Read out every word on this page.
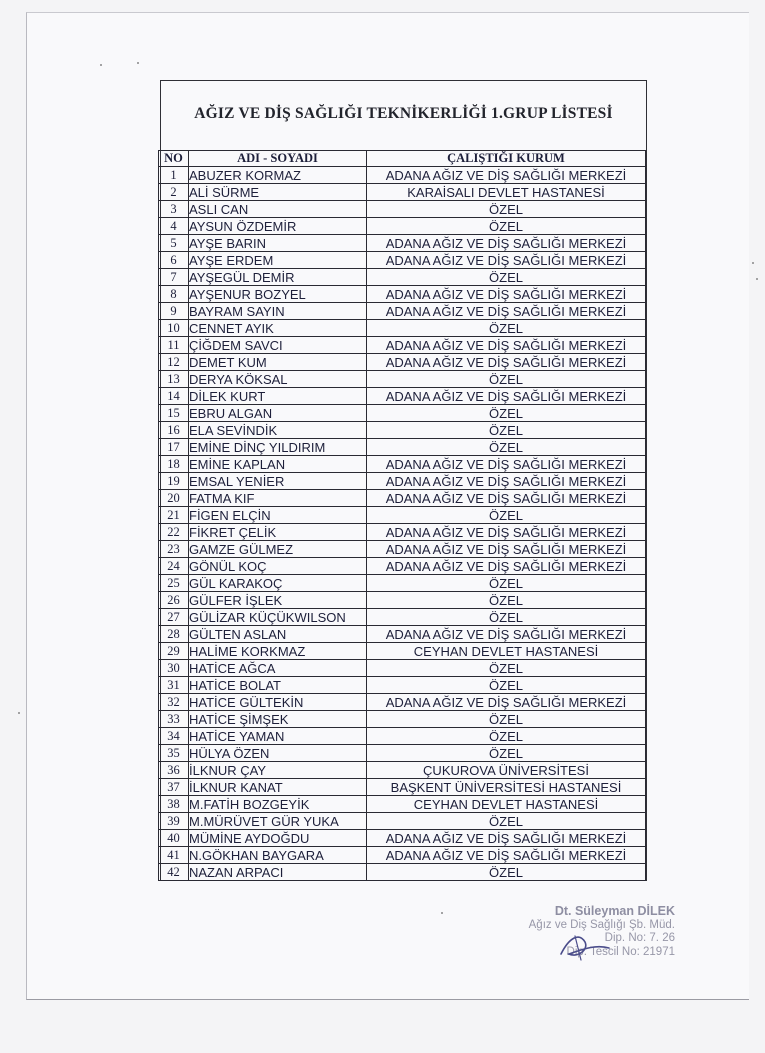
AĞIZ VE DİŞ SAĞLIĞI TEKNİKERLİĞİ 1.GRUP LİSTESİ
NO	ADI - SOYADI	ÇALIŞTIĞI KURUM
1	ABUZER KORMAZ	ADANA AĞIZ VE DİŞ SAĞLIĞI MERKEZİ
2	ALİ SÜRME	KARAİSALI DEVLET HASTANESİ
3	ASLI CAN	ÖZEL
4	AYSUN ÖZDEMİR	ÖZEL
5	AYŞE BARIN	ADANA AĞIZ VE DİŞ SAĞLIĞI MERKEZİ
6	AYŞE ERDEM	ADANA AĞIZ VE DİŞ SAĞLIĞI MERKEZİ
7	AYŞEGÜL DEMİR	ÖZEL
8	AYŞENUR BOZYEL	ADANA AĞIZ VE DİŞ SAĞLIĞI MERKEZİ
9	BAYRAM SAYIN	ADANA AĞIZ VE DİŞ SAĞLIĞI MERKEZİ
10	CENNET AYIK	ÖZEL
11	ÇİĞDEM SAVCI	ADANA AĞIZ VE DİŞ SAĞLIĞI MERKEZİ
12	DEMET KUM	ADANA AĞIZ VE DİŞ SAĞLIĞI MERKEZİ
13	DERYA KÖKSAL	ÖZEL
14	DİLEK KURT	ADANA AĞIZ VE DİŞ SAĞLIĞI MERKEZİ
15	EBRU ALGAN	ÖZEL
16	ELA SEVİNDİK	ÖZEL
17	EMİNE DİNÇ YILDIRIM	ÖZEL
18	EMİNE KAPLAN	ADANA AĞIZ VE DİŞ SAĞLIĞI MERKEZİ
19	EMSAL YENİER	ADANA AĞIZ VE DİŞ SAĞLIĞI MERKEZİ
20	FATMA KIF	ADANA AĞIZ VE DİŞ SAĞLIĞI MERKEZİ
21	FİGEN ELÇİN	ÖZEL
22	FİKRET ÇELİK	ADANA AĞIZ VE DİŞ SAĞLIĞI MERKEZİ
23	GAMZE GÜLMEZ	ADANA AĞIZ VE DİŞ SAĞLIĞI MERKEZİ
24	GÖNÜL KOÇ	ADANA AĞIZ VE DİŞ SAĞLIĞI MERKEZİ
25	GÜL KARAKOÇ	ÖZEL
26	GÜLFER İŞLEK	ÖZEL
27	GÜLİZAR KÜÇÜKWILSON	ÖZEL
28	GÜLTEN ASLAN	ADANA AĞIZ VE DİŞ SAĞLIĞI MERKEZİ
29	HALİME KORKMAZ	CEYHAN DEVLET HASTANESİ
30	HATİCE AĞCA	ÖZEL
31	HATİCE BOLAT	ÖZEL
32	HATİCE GÜLTEKİN	ADANA AĞIZ VE DİŞ SAĞLIĞI MERKEZİ
33	HATİCE ŞİMŞEK	ÖZEL
34	HATİCE YAMAN	ÖZEL
35	HÜLYA ÖZEN	ÖZEL
36	İLKNUR ÇAY	ÇUKUROVA ÜNİVERSİTESİ
37	İLKNUR KANAT	BAŞKENT ÜNİVERSİTESİ HASTANESİ
38	M.FATİH BOZGEYİK	CEYHAN DEVLET HASTANESİ
39	M.MÜRÜVET GÜR YUKA	ÖZEL
40	MÜMİNE AYDOĞDU	ADANA AĞIZ VE DİŞ SAĞLIĞI MERKEZİ
41	N.GÖKHAN BAYGARA	ADANA AĞIZ VE DİŞ SAĞLIĞI MERKEZİ
42	NAZAN ARPACI	ÖZEL
Dt. Süleyman DİLEK
Ağız ve Diş Sağlığı Şb. Müd.
Dip. No: 7. 26
Dip. Tescil No: 21971
